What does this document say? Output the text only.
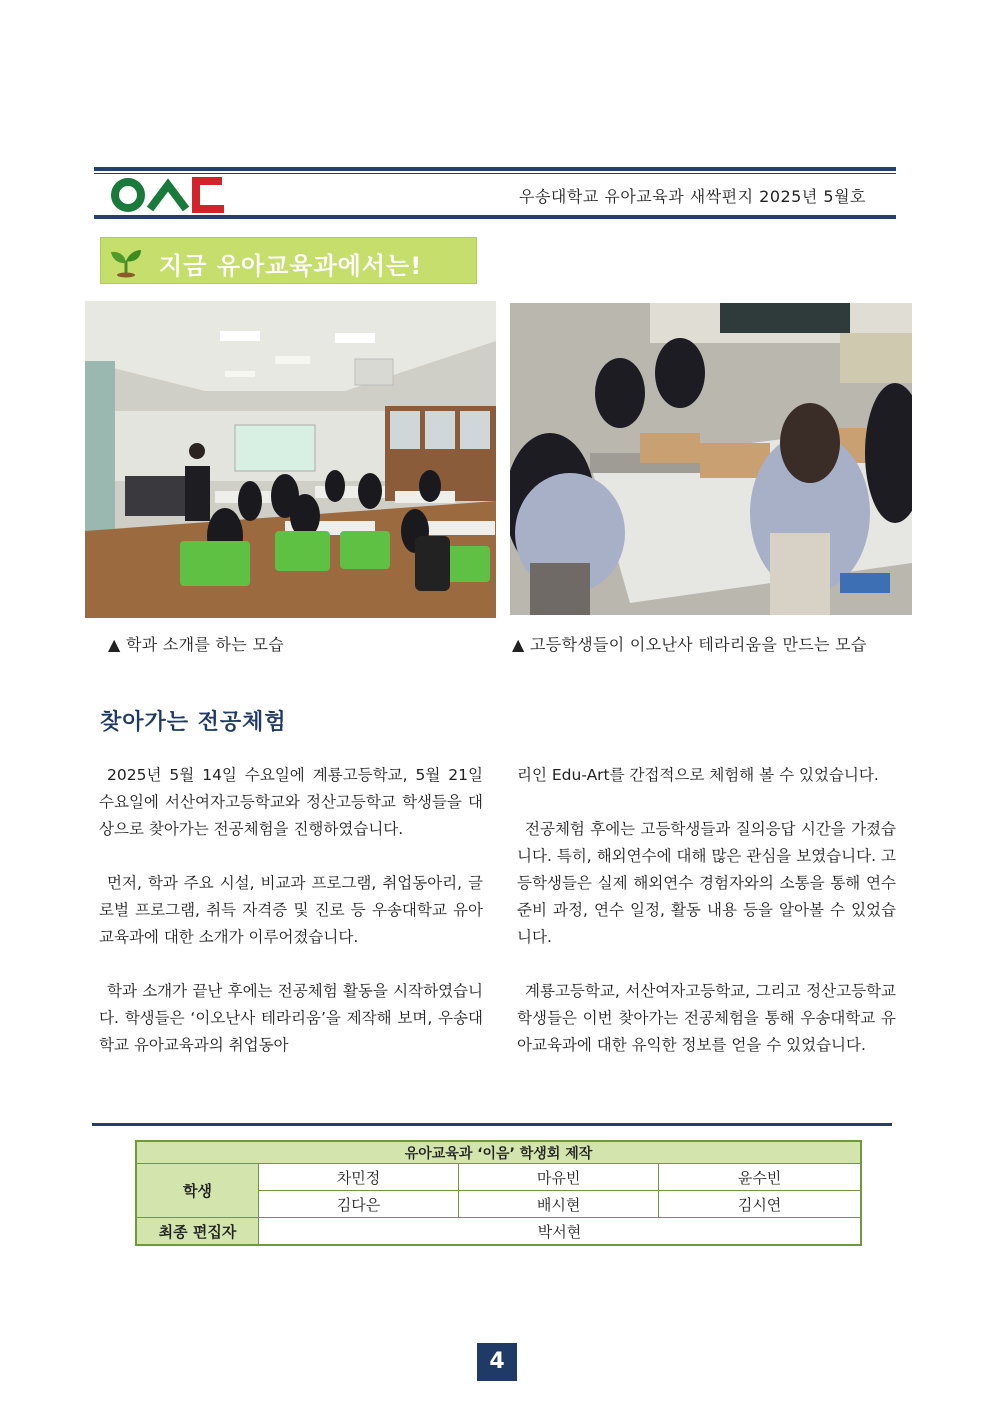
우송대학교 유아교육과 새싹편지 2025년 5월호
지금 유아교육과에서는!
▲ 학과 소개를 하는 모습	▲ 고등학생들이 이오난사 테라리움을 만드는 모습
찾아가는 전공체험

2025년 5월 14일 수요일에 계룡고등학교, 5월 21일 수요일에 서산여자고등학교와 정산고등학교 학생들을 대상으로 찾아가는 전공체험을 진행하였습니다.

먼저, 학과 주요 시설, 비교과 프로그램, 취업동아리, 글로벌 프로그램, 취득 자격증 및 진로 등 우송대학교 유아교육과에 대한 소개가 이루어졌습니다.

학과 소개가 끝난 후에는 전공체험 활동을 시작하였습니다. 학생들은 ‘이오난사 테라리움’을 제작해 보며, 우송대학교 유아교육과의 취업동아

리인 Edu-Art를 간접적으로 체험해 볼 수 있었습니다.

전공체험 후에는 고등학생들과 질의응답 시간을 가졌습니다. 특히, 해외연수에 대해 많은 관심을 보였습니다. 고등학생들은 실제 해외연수 경험자와의 소통을 통해 연수 준비 과정, 연수 일정, 활동 내용 등을 알아볼 수 있었습니다.

계룡고등학교, 서산여자고등학교, 그리고 정산고등학교 학생들은 이번 찾아가는 전공체험을 통해 우송대학교 유아교육과에 대한 유익한 정보를 얻을 수 있었습니다.

유아교육과 ‘이음’ 학생회 제작			
학생	차민정	마유빈	윤수빈
	김다은	배시현	김시연
최종 편집자	박서현		
4
